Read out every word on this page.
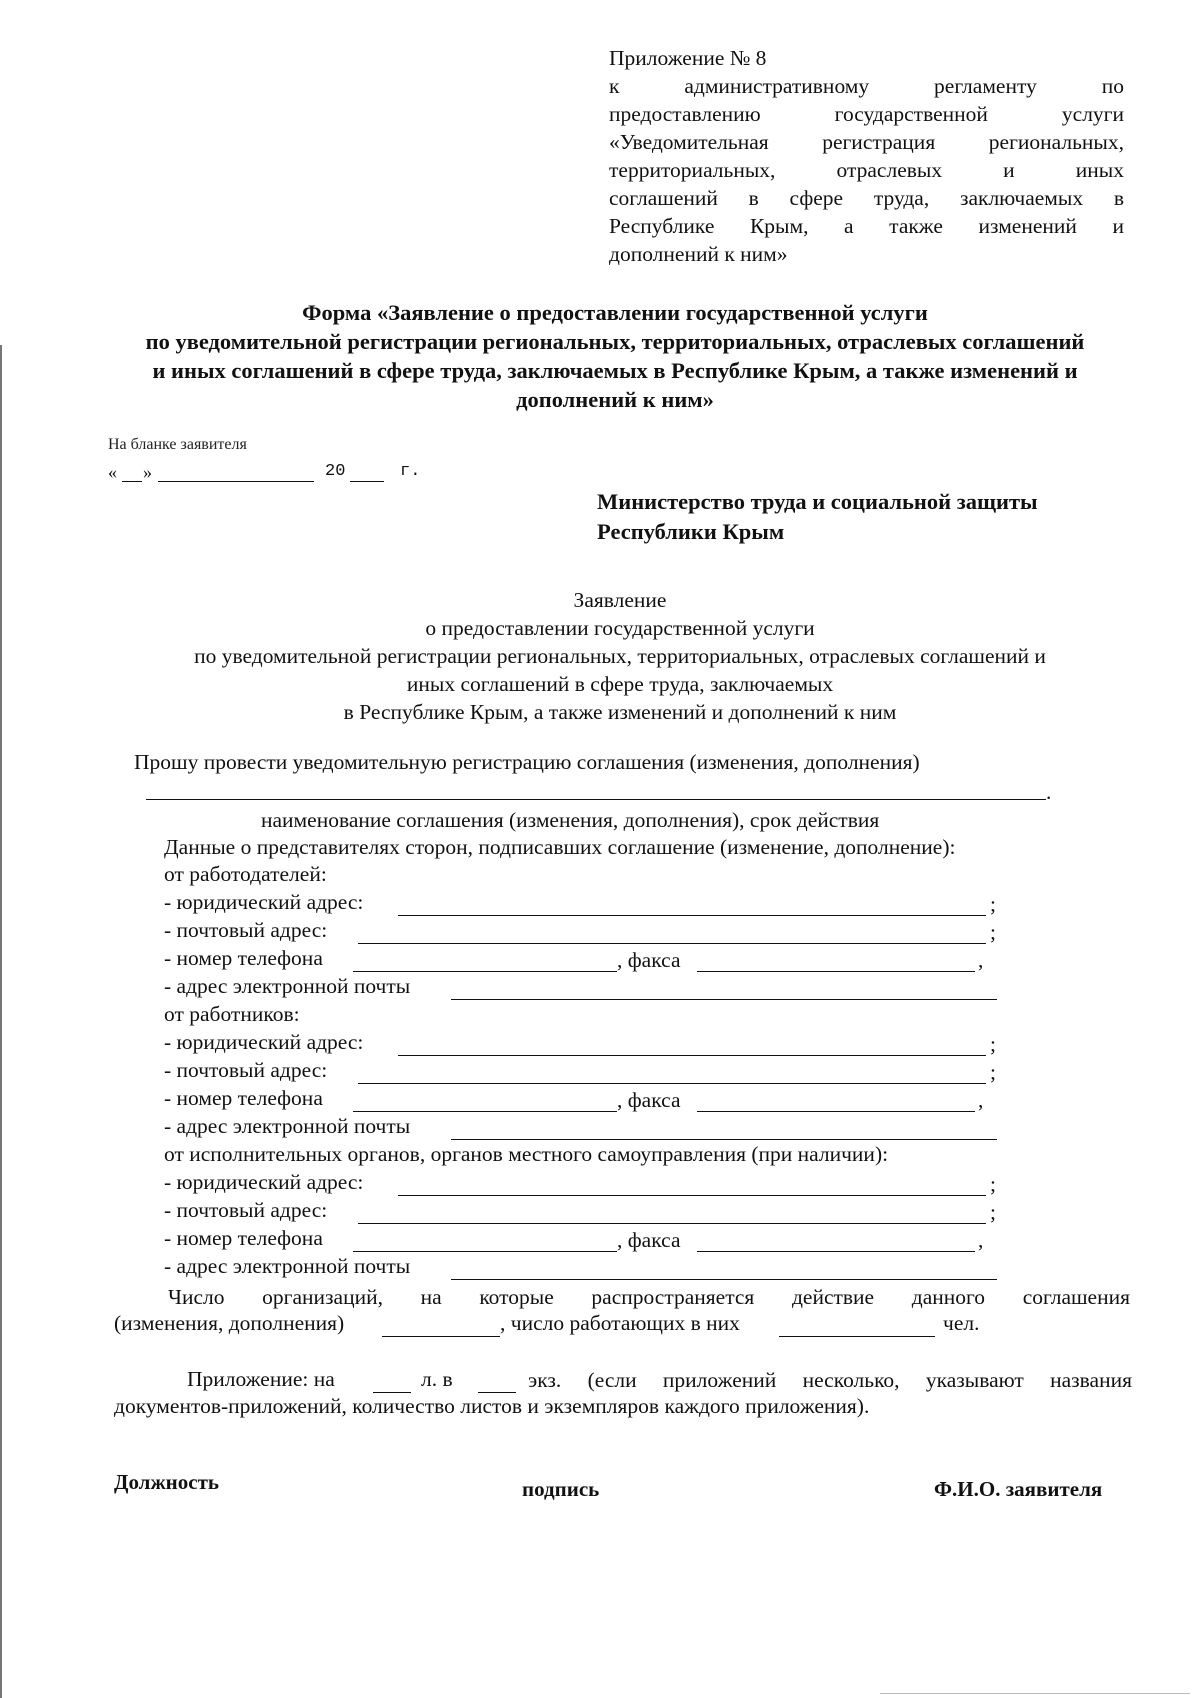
Приложение № 8
к административному регламенту по
предоставлению государственной услуги
«Уведомительная регистрация региональных,
территориальных, отраслевых и иных
соглашений в сфере труда, заключаемых в
Республике Крым, а также изменений и
дополнений к ним»
Форма «Заявление о предоставлении государственной услуги
по уведомительной регистрации региональных, территориальных, отраслевых соглашений
и иных соглашений в сфере труда, заключаемых в Республике Крым, а также изменений и
дополнений к ним»
На бланке заявителя
« »	20	г.
Министерство труда и социальной защиты
Республики Крым
Заявление
о предоставлении государственной услуги
по уведомительной регистрации региональных, территориальных, отраслевых соглашений и
иных соглашений в сфере труда, заключаемых
в Республике Крым, а также изменений и дополнений к ним
Прошу провести уведомительную регистрацию соглашения (изменения, дополнения)
.
наименование соглашения (изменения, дополнения), срок действия
Данные о представителях сторон, подписавших соглашение (изменение, дополнение):
от работодателей:
- юридический адрес:	;
- почтовый адрес:	;
- номер телефона	, факса	,
- адрес электронной почты
от работников:
- юридический адрес:	;
- почтовый адрес:	;
- номер телефона	, факса	,
- адрес электронной почты
от исполнительных органов, органов местного самоуправления (при наличии):
- юридический адрес:	;
- почтовый адрес:	;
- номер телефона	, факса	,
- адрес электронной почты
Число организаций, на которые распространяется действие данного соглашения
(изменения, дополнения)	, число работающих в них	чел.
Приложение: на	л. в	экз. (если приложений несколько, указывают названия
документов-приложений, количество листов и экземпляров каждого приложения).
Должность	подпись	Ф.И.О. заявителя
